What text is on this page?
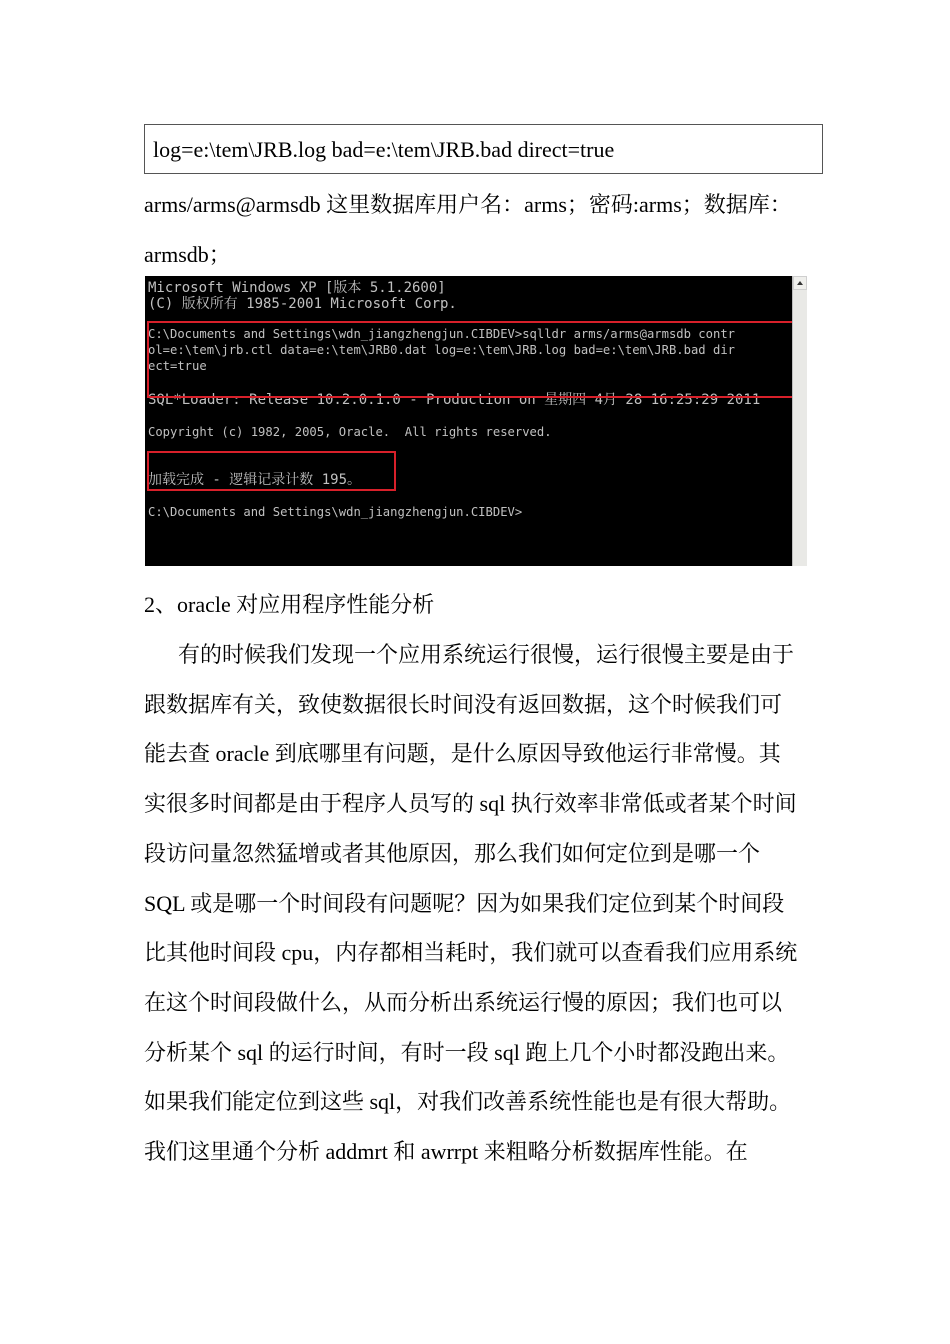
log=e:\tem\JRB.log bad=e:\tem\JRB.bad direct=true
arms/arms@armsdb 这里数据库用户名：arms；密码:arms；数据库：
armsdb；
Microsoft Windows XP [版本 5.1.2600]
(C) 版权所有 1985-2001 Microsoft Corp.
C:\Documents and Settings\wdn_jiangzhengjun.CIBDEV>sqlldr arms/arms@armsdb contr
ol=e:\tem\jrb.ctl data=e:\tem\JRB0.dat log=e:\tem\JRB.log bad=e:\tem\JRB.bad dir
ect=true
SQL*Loader: Release 10.2.0.1.0 - Production on 星期四 4月 28 16:25:29 2011
Copyright (c) 1982, 2005, Oracle.  All rights reserved.
加载完成 - 逻辑记录计数 195。
C:\Documents and Settings\wdn_jiangzhengjun.CIBDEV>
2、oracle 对应用程序性能分析
有的时候我们发现一个应用系统运行很慢，运行很慢主要是由于
跟数据库有关，致使数据很长时间没有返回数据，这个时候我们可
能去查 oracle 到底哪里有问题，是什么原因导致他运行非常慢。其
实很多时间都是由于程序人员写的 sql 执行效率非常低或者某个时间
段访问量忽然猛增或者其他原因，那么我们如何定位到是哪一个
SQL 或是哪一个时间段有问题呢？因为如果我们定位到某个时间段
比其他时间段 cpu，内存都相当耗时，我们就可以查看我们应用系统
在这个时间段做什么，从而分析出系统运行慢的原因；我们也可以
分析某个 sql 的运行时间，有时一段 sql 跑上几个小时都没跑出来。
如果我们能定位到这些 sql，对我们改善系统性能也是有很大帮助。
我们这里通个分析 addmrt 和 awrrpt 来粗略分析数据库性能。在
